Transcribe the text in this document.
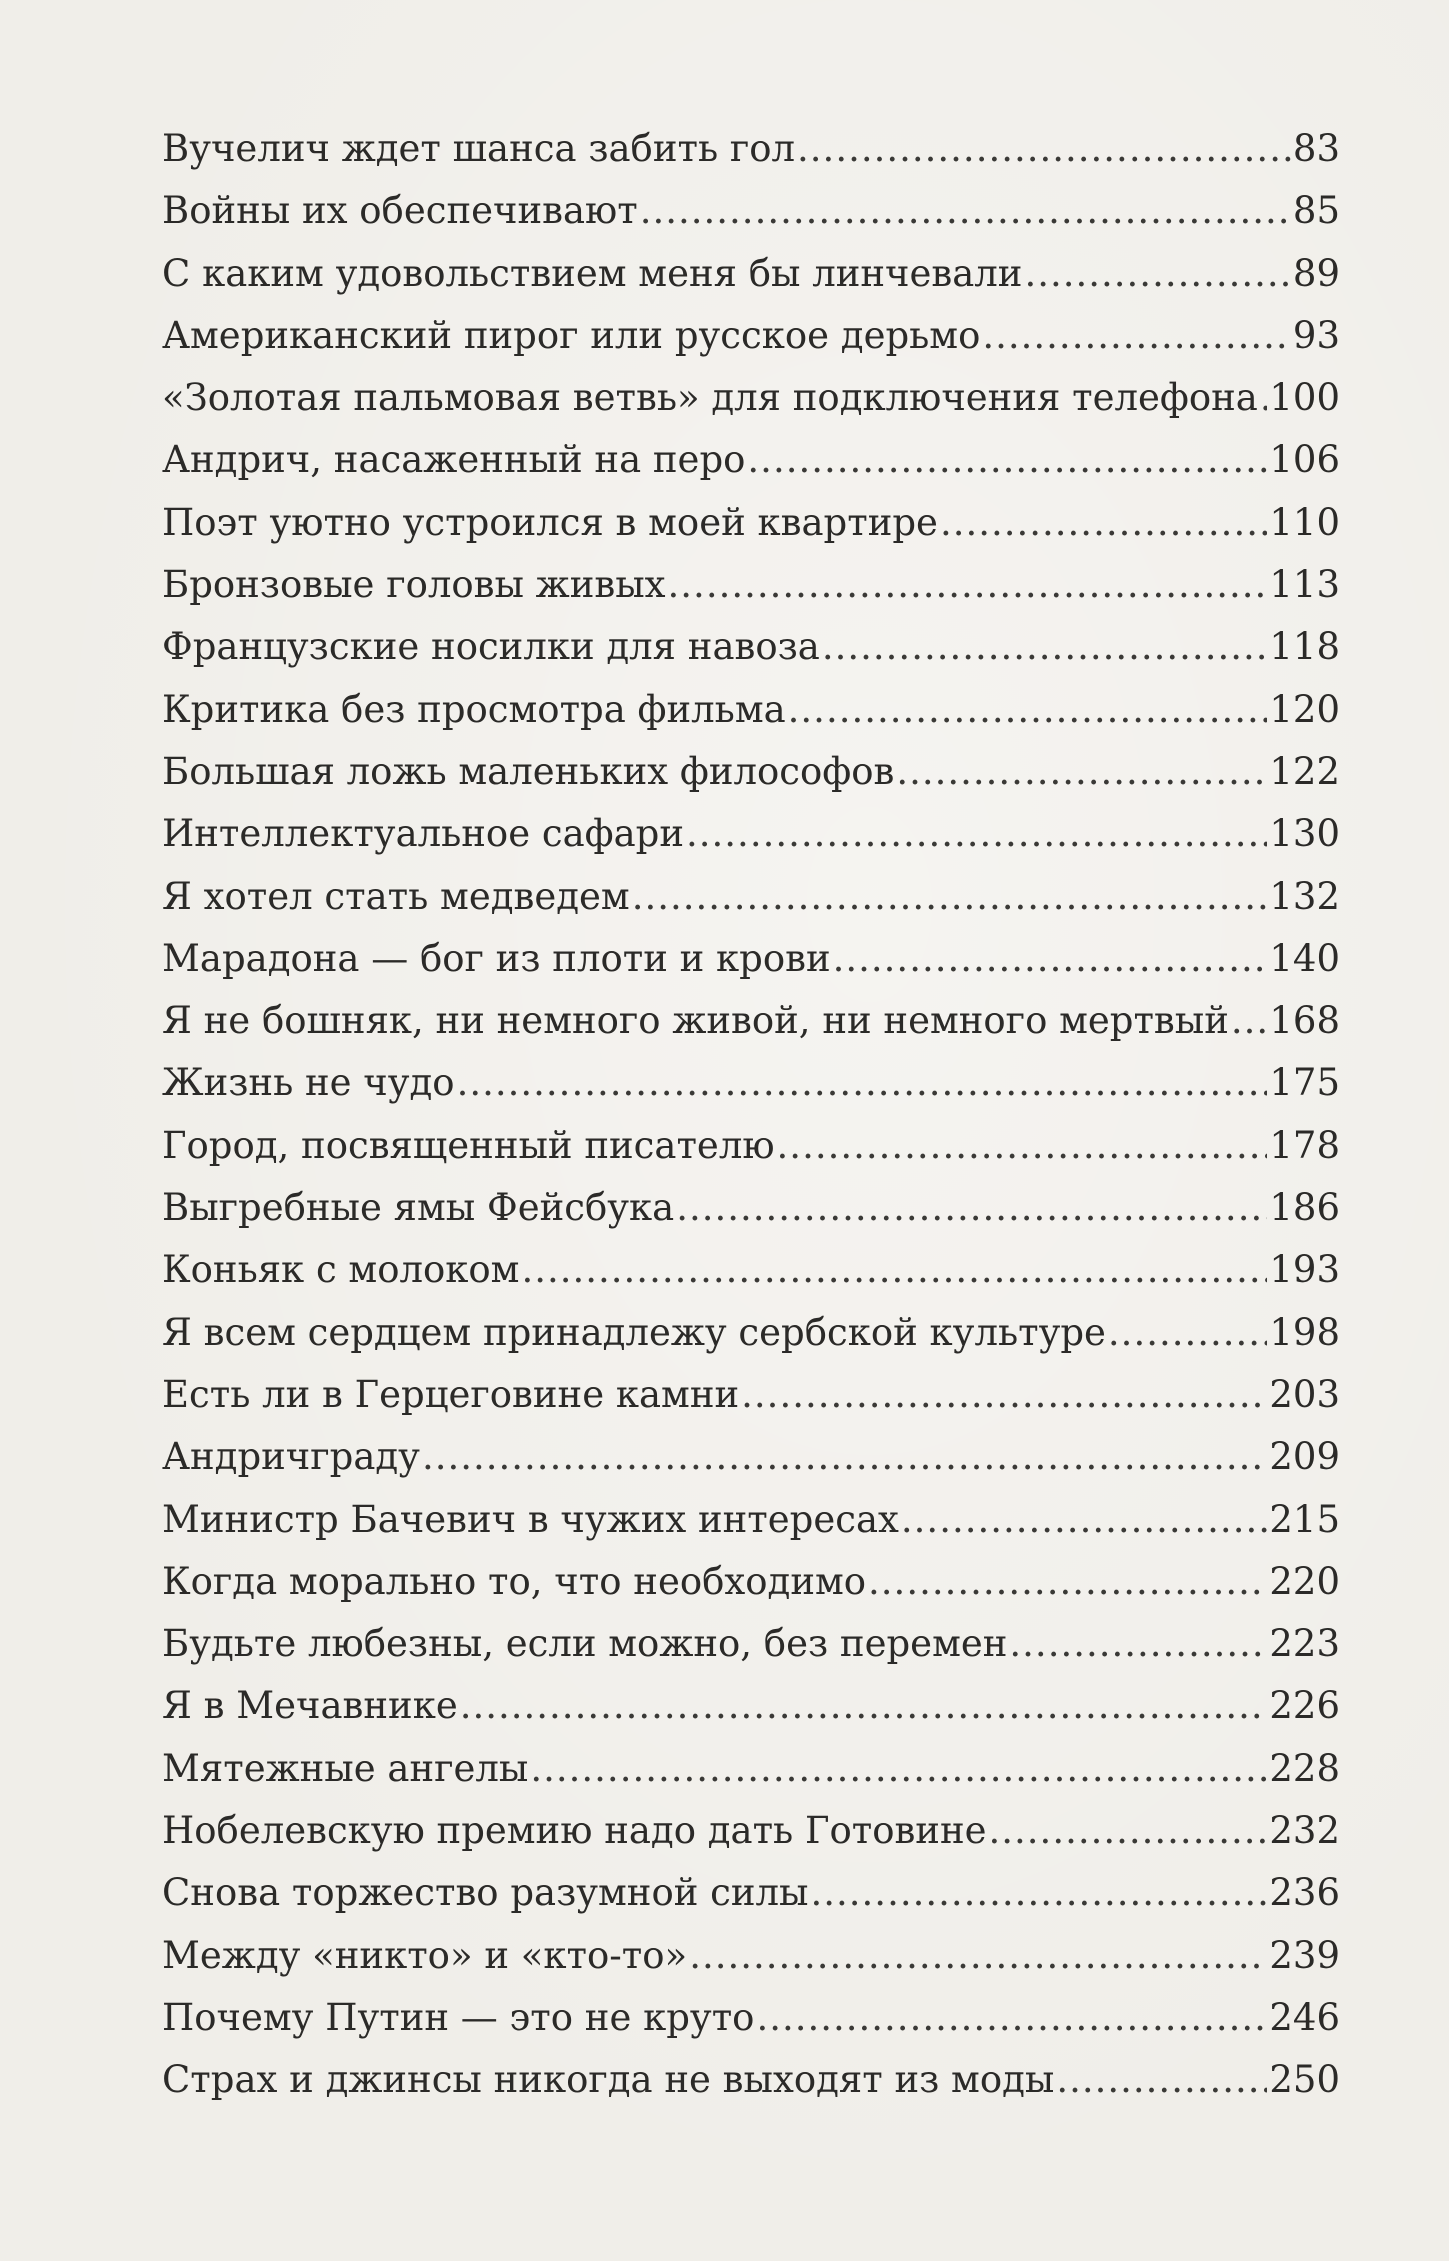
Вучелич ждет шанса забить гол .....	83
Войны их обеспечивают .....	85
С каким удовольствием меня бы линчевали .....	89
Американский пирог или русское дерьмо .....	93
«Золотая пальмовая ветвь» для подключения телефона ..... 100
Андрич, насаженный на перо .....	106
Поэт уютно устроился в моей квартире .....	110
Бронзовые головы живых .....	113
Французские носилки для навоза .....	118
Критика без просмотра фильма .....	120
Большая ложь маленьких философов .....	122
Интеллектуальное сафари .....	130
Я хотел стать медведем .....	132
Марадона — бог из плоти и крови .....	140
Я не бошняк, ни немного живой, ни немного мертвый ..... 168
Жизнь не чудо .....	175
Город, посвященный писателю .....	178
Выгребные ямы Фейсбука .....	186
Коньяк с молоком .....	193
Я всем сердцем принадлежу сербской культуре .....	198
Есть ли в Герцеговине камни .....	203
Андричграду .....	209
Министр Бачевич в чужих интересах .....	215
Когда морально то, что необходимо .....	220
Будьте любезны, если можно, без перемен .....	223
Я в Мечавнике .....	226
Мятежные ангелы .....	228
Нобелевскую премию надо дать Готовине .....	232
Снова торжество разумной силы .....	236
Между «никто» и «кто-то» .....	239
Почему Путин — это не круто .....	246
Страх и джинсы никогда не выходят из моды .....	250
